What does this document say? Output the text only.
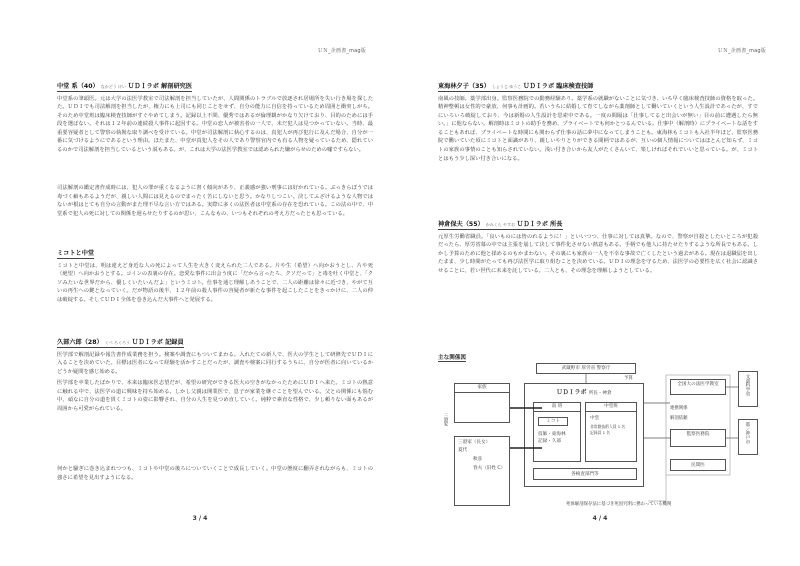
ＵＮ_企画書_mag版
中堂 系（40） なかどう けい ＵＤＩラボ 解剖研究医

中堂系の筆頭医。元は大学の法医学教室で司法解剖を担当していたが、人間関係のトラブルで放逐され居場所を失い行き場を探したた。ＵＤＩでも司法解剖を担当したが、権力にも上司にも同じことをせず、自分の能力に自信を持っているため周囲と衝突しがち。そのため中堂班は臨床検査技師がすぐやめてしまう。記録以上不問、優秀ではあるが倫理観がかなり欠けており、目的のためには手段を選ばない。それは１２年前の連続殺人事件に起因する。中堂の恋人が被害者の一人で、未だ犯人は見つかっていない。当時、最重要容疑者として警察の執拗な取り調べを受けている。中堂が司法解剖に執心するのは、真犯人が再び犯行に及んだ場合、自分が一番に気づけるようにであるという理由。ほたまた、中堂が真犯人をその人であり警察官内でも有る人物を疑っているため、隠れているのかで司法解剖を担当しているという説もある。が、これは大学の法医学教室では認められた嫌がらせのための嘘ですらない。

司法解剖の鑑定書作成時には、犯人の罪が重くなるように書く傾向があり、正義感が強い刑事には好かれている。ぶっきらぼうでは毒づく癖もあるようだが、親しい人間には見えるのでまったく苦にしないと思う。かなりしつこい。決してふざけるような人物ではないが根はとても自分の言動がまた理不尽な言い方ではある。実際に多くの法医者は中堂系の存在を恐れている。この法の中で、中堂系で犯人の死に対しての関係を遅らせたりするのが思い、こんなもの、いつもそれぞれの考え方だったとも思っている。

ミコトと中堂

ミコトと中堂は、明は違えど身近な人の死によって人生を大きく変えられた二人である。片や生（希望）へ向かおうとし、片や死（絶望）へ向かおうとする。コインの表裏の存在。恋愛な事件に出会う度に「だから言ったろ、クソだって」と毒を吐く中堂と、「クソみたいな世界だから、優しくいたいんだよ」というミコト。仕事を通じ理解しあうことで、二人の距離は徐々に近づき、やがて互いの再生への鍵となっていく。だが物語の後半、１２年前の殺人事件の容疑者が新たな事件を起こしたことをきっかけに、二人の仲は破綻する。そしてＵＤＩ全体を巻き込んだ大事件へと発展する。

久部六郎（28） くべ ろくろう ＵＤＩラボ 記録員

医学部で解剖記録や報告書作成業務を担う。検案や調査にもついてまわる。入れたての新人で、医大の学生として研修先でＵＤＩに入ることを決めていた。目標は医者になって経験を活かすことだったが、調査や検案に同行するうちに、自分が医者に向いているかどうか疑問を感じ始める。

医学部を卒業したばかりで、本来は臨床医志望だが、希望の研究ができる医大の空きがなかったためにＵＤＩへ来た。ミコトの熱意に触れる中で、法医学の道に興味を持ち始める。しかし父親は開業医で、息子が家業を継ぐことを望んでいる。父との関係にも悩む中、頑なに自分の道を貫くミコトの姿に影響され、自分の人生を見つめ直していく。純粋で素直な性格で、少し頼りない面もあるが周囲から可愛がられている。

何かと騒ぎに巻き込まれつつも、ミコトや中堂の後ろについていくことで成長していく。中堂の態度に翻弄されながらも、ミコトの強さに希望を見出すようになる。

3 / 4
ＵＮ_企画書_mag版
東海林夕子（35） しょうじ ゆうこ ＵＤＩラボ 臨床検査技師

南風の技師。薬学部出身。監察医務院での勤務経験あり。薬学系の就職がないことに気づき、いち早く臨床検査技師の資格を取った。精神整頓は女性的で豪放、何事も計画的。若いうちに結婚して育てしながら薬剤師として働いていくという人生設計であったが、すでにいろいろ破綻しており、今は新婚の人生設計を思索中である。一度の間隔は「仕事してると出会いが無い」目の前に遭遇したら無い。」に他ならない。解剖時はミコトの助手を務め、プライベートでも何かとつるんでいる。仕事中（解剖時）にプライベートな話をすることもあれば、プライベートな時間にも関わらず仕事の話に夢中になってしまうことも。東海林もミコトも入社半年ほど、監察医務院で働いていた頃にミコトと面識があり、親しいやりとりができる間柄ではあるが、互いの個人情報についてはほとんど知らず、ミコトの家族の事情のことも知らされていない。浅い付き合いから友人がたくさんいて、楽しければそれでいいと思っている。が、ミコトとはもう少し深い付き合いになる。

神倉保夫（55） かみくら やすお ＵＤＩラボ 所長

元厚生労働省職員。「良いものには皆のれるように！」といいつつ、仕事に対しては真摯。なので、警察が自殺としたいところが犯殺だったら、厚労省幕の中では主張を崩して決して事件化させない熱意もある。手柄でも他人に持たせたりするような所長でもある。しかし予算のために他と揉めるのもかまわない。その裏にも家族の一人を不幸な事故で亡くしたという過去がある。現在は退職届を出したまま、少し時間がたっても再び法医学に取り組むことを決めている。ＵＤＩの理念を守るため、法医学の必要性を広く社会に認識させることに、若い世代に未来を託している。二人とも、その理念を理解しようとしている。

主な関係図
武蔵野市 厚労省 警察庁
予算
三澄家
家族
三澄家（長女）
夏代
秋彦
春夫（旧姓 C）
ＵＤＩラボ 所長・神倉
南 班
ミコト
技師・東海林
記録・久部
中堂班
中堂
非常勤技術人員 1 名
記録員 1 名
各検査部門等
全国大の法医学教室
連携関係
解剖依頼
監察医務院
民間医
文部科学省
都／神戸市
死体解剖保存法に基づき死因究明に携わっている機関
4 / 4
